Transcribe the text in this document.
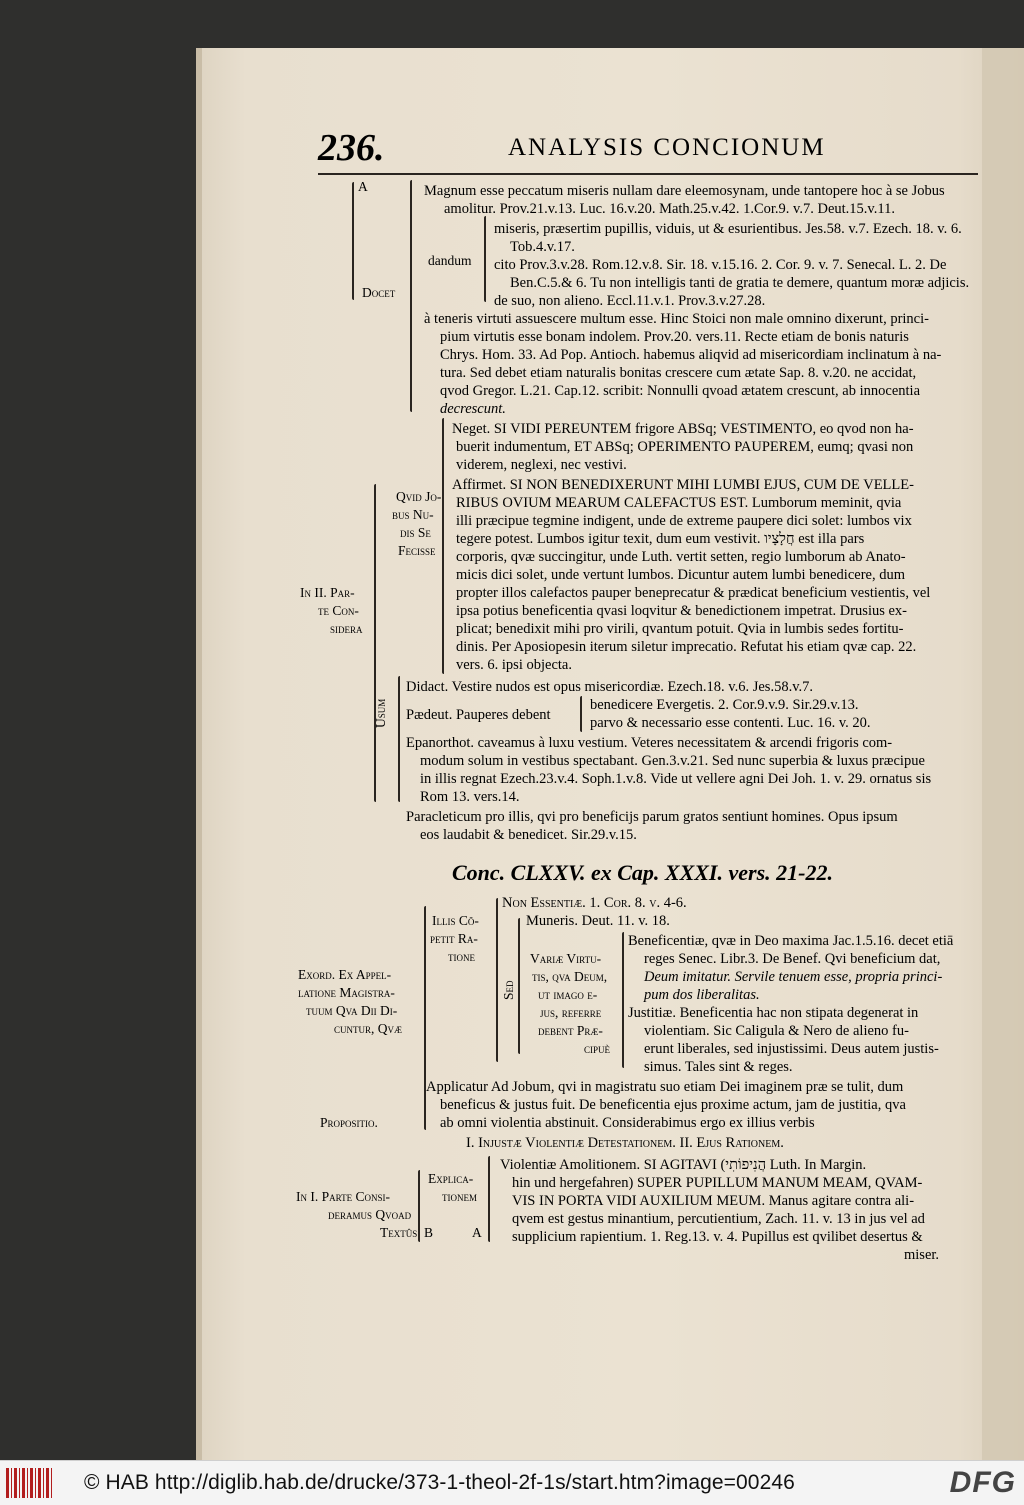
236.	ANALYSIS CONCIONUM
A
Docet
dandum
Magnum esse peccatum miseris nullam dare eleemosynam, unde tantopere hoc à se Jobus
amolitur. Prov.21.v.13. Luc. 16.v.20. Math.25.v.42. 1.Cor.9. v.7. Deut.15.v.11.
miseris, præsertim pupillis, viduis, ut & esurientibus. Jes.58. v.7. Ezech. 18. v. 6.
Tob.4.v.17.
cito Prov.3.v.28. Rom.12.v.8. Sir. 18. v.15.16. 2. Cor. 9. v. 7. Senecal. L. 2. De
Ben.C.5.& 6. Tu non intelligis tanti de gratia te demere, quantum moræ adjicis.
de suo, non alieno. Eccl.11.v.1. Prov.3.v.27.28.
à teneris virtuti assuescere multum esse. Hinc Stoici non male omnino dixerunt, princi-
pium virtutis esse bonam indolem. Prov.20. vers.11. Recte etiam de bonis naturis
Chrys. Hom. 33. Ad Pop. Antioch. habemus aliqvid ad misericordiam inclinatum à na-
tura. Sed debet etiam naturalis bonitas crescere cum ætate Sap. 8. v.20. ne accidat,
qvod Gregor. L.21. Cap.12. scribit: Nonnulli qvoad ætatem crescunt, ab innocentia
decrescunt.
In II. Par-
te Con-
sidera
Qvid Jo-
bus Nu-
dis Se
Fecisse
Neget. SI VIDI PEREUNTEM frigore ABSq; VESTIMENTO, eo qvod non ha-
buerit indumentum, ET ABSq; OPERIMENTO PAUPEREM, eumq; qvasi non
viderem, neglexi, nec vestivi.
Affirmet. SI NON BENEDIXERUNT MIHI LUMBI EJUS, CUM DE VELLE-
RIBUS OVIUM MEARUM CALEFACTUS EST. Lumborum meminit, qvia
illi præcipue tegmine indigent, unde de extreme paupere dici solet: lumbos vix
tegere potest. Lumbos igitur texit, dum eum vestivit. חֲלָצָיו est illa pars
corporis, qvæ succingitur, unde Luth. vertit setten, regio lumborum ab Anato-
micis dici solet, unde vertunt lumbos. Dicuntur autem lumbi benedicere, dum
propter illos calefactos pauper beneprecatur & prædicat beneficium vestientis, vel
ipsa potius beneficentia qvasi loqvitur & benedictionem impetrat. Drusius ex-
plicat; benedixit mihi pro virili, qvantum potuit. Qvia in lumbis sedes fortitu-
dinis. Per Aposiopesin iterum siletur imprecatio. Refutat his etiam qvæ cap. 22.
vers. 6. ipsi objecta.
Usum
Didact. Vestire nudos est opus misericordiæ. Ezech.18. v.6. Jes.58.v.7.
benedicere Evergetis. 2. Cor.9.v.9. Sir.29.v.13.
Pædeut. Pauperes debent	parvo & necessario esse contenti. Luc. 16. v. 20.
Epanorthot. caveamus à luxu vestium. Veteres necessitatem & arcendi frigoris com-
modum solum in vestibus spectabant. Gen.3.v.21. Sed nunc superbia & luxus præcipue
in illis regnat Ezech.23.v.4. Soph.1.v.8. Vide ut vellere agni Dei Joh. 1. v. 29. ornatus sis
Rom 13. vers.14.
Paracleticum pro illis, qvi pro beneficijs parum gratos sentiunt homines. Opus ipsum
eos laudabit & benedicet. Sir.29.v.15.
Conc. CLXXV. ex Cap. XXXI. vers. 21-22.
Exord. Ex Appel-
latione Magistra-
tuum Qva Dii Di-
cuntur, Qvæ
Illis Cõ-
petit Ra-
tione
Sed
Variæ Virtu-
tis, qva Deum,
ut imago e-
jus, referre
debent Præ-
cipuè
Non Essentiæ. 1. Cor. 8. v. 4-6.
Muneris. Deut. 11. v. 18.
Beneficentiæ, qvæ in Deo maxima Jac.1.5.16. decet etiā
reges Senec. Libr.3. De Benef. Qvi beneficium dat,
Deum imitatur. Servile tenuem esse, propria princi-
pum dos liberalitas.
Justitiæ. Beneficentia hac non stipata degenerat in
violentiam. Sic Caligula & Nero de alieno fu-
erunt liberales, sed injustissimi. Deus autem justis-
simus. Tales sint & reges.
Applicatur Ad Jobum, qvi in magistratu suo etiam Dei imaginem præ se tulit, dum
beneficus & justus fuit. De beneficentia ejus proxime actum, jam de justitia, qva
ab omni violentia abstinuit. Considerabimus ergo ex illius verbis
Propositio.
I. Injustæ Violentiæ Detestationem. II. Ejus Rationem.
In I. Parte Consi-
deramus Qvoad
Textûs B
Explica-
tionem
A
Violentiæ Amolitionem. SI AGITAVI (הֲנִיפוֹתִי Luth. In Margin.
hin und hergefahren) SUPER PUPILLUM MANUM MEAM, QVAM-
VIS IN PORTA VIDI AUXILIUM MEUM. Manus agitare contra ali-
qvem est gestus minantium, percutientium, Zach. 11. v. 13 in jus vel ad
supplicium rapientium. 1. Reg.13. v. 4. Pupillus est qvilibet desertus &
miser.
© HAB http://diglib.hab.de/drucke/373-1-theol-2f-1s/start.htm?image=00246	DFG
